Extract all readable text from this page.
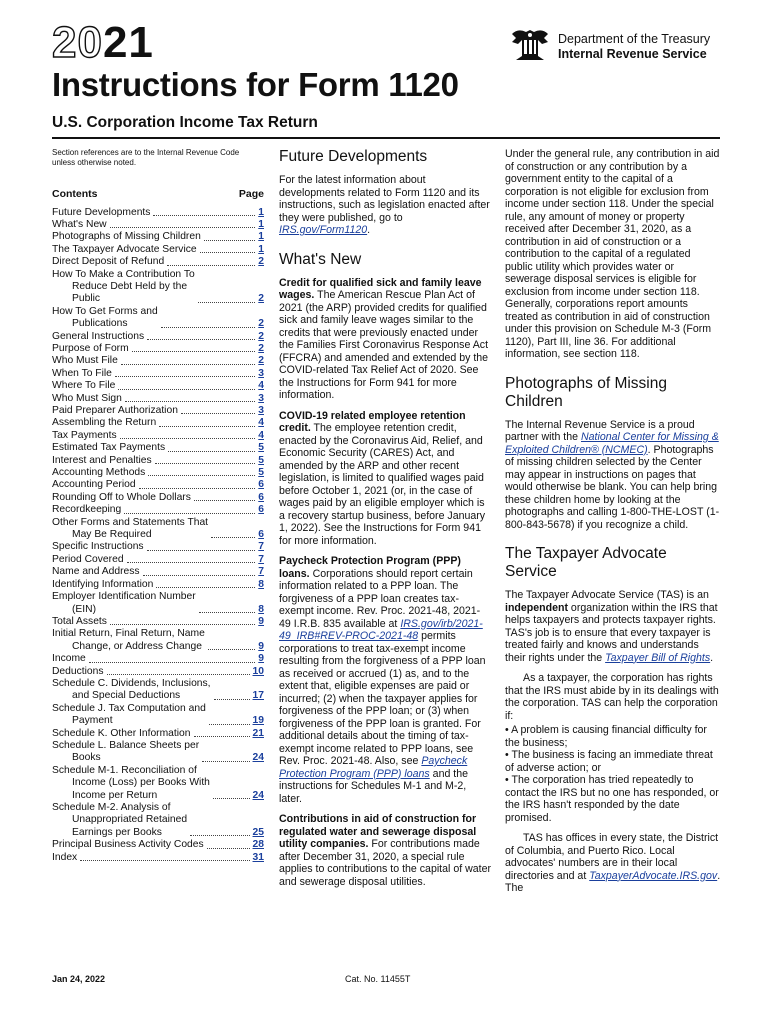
2021
Instructions for Form 1120
U.S. Corporation Income Tax Return
Department of the Treasury
Internal Revenue Service
Section references are to the Internal Revenue Code unless otherwise noted.
Contents	Page
Future Developments	1
What's New	1
Photographs of Missing Children	1
The Taxpayer Advocate Service	1
Direct Deposit of Refund	2
How To Make a Contribution To
Reduce Debt Held by the
Public	2
How To Get Forms and
Publications	2
General Instructions	2
Purpose of Form	2
Who Must File	2
When To File	3
Where To File	4
Who Must Sign	3
Paid Preparer Authorization	3
Assembling the Return	4
Tax Payments	4
Estimated Tax Payments	5
Interest and Penalties	5
Accounting Methods	5
Accounting Period	6
Rounding Off to Whole Dollars	6
Recordkeeping	6
Other Forms and Statements That
May Be Required	6
Specific Instructions	7
Period Covered	7
Name and Address	7
Identifying Information	8
Employer Identification Number
(EIN)	8
Total Assets	9
Initial Return, Final Return, Name
Change, or Address Change	9
Income	9
Deductions	10
Schedule C. Dividends, Inclusions,
and Special Deductions	17
Schedule J. Tax Computation and
Payment	19
Schedule K. Other Information	21
Schedule L. Balance Sheets per
Books	24
Schedule M-1. Reconciliation of
Income (Loss) per Books With
Income per Return	24
Schedule M-2. Analysis of
Unappropriated Retained
Earnings per Books	25
Principal Business Activity Codes	28
Index	31
Future Developments

For the latest information about developments related to Form 1120 and its instructions, such as legislation enacted after they were published, go to IRS.gov/Form1120.

What's New

Credit for qualified sick and family leave wages. The American Rescue Plan Act of 2021 (the ARP) provided credits for qualified sick and family leave wages similar to the credits that were previously enacted under the Families First Coronavirus Response Act (FFCRA) and amended and extended by the COVID-related Tax Relief Act of 2020. See the Instructions for Form 941 for more information.

COVID-19 related employee retention credit. The employee retention credit, enacted by the Coronavirus Aid, Relief, and Economic Security (CARES) Act, and amended by the ARP and other recent legislation, is limited to qualified wages paid before October 1, 2021 (or, in the case of wages paid by an eligible employer which is a recovery startup business, before January 1, 2022). See the Instructions for Form 941 for more information.

Paycheck Protection Program (PPP) loans. Corporations should report certain information related to a PPP loan. The forgiveness of a PPP loan creates tax-exempt income. Rev. Proc. 2021-48, 2021-49 I.R.B. 835 available at IRS.gov/irb/2021-49_IRB#REV-PROC-2021-48 permits corporations to treat tax-exempt income resulting from the forgiveness of a PPP loan as received or accrued (1) as, and to the extent that, eligible expenses are paid or incurred; (2) when the taxpayer applies for forgiveness of the PPP loan; or (3) when forgiveness of the PPP loan is granted. For additional details about the timing of tax-exempt income related to PPP loans, see Rev. Proc. 2021-48. Also, see Paycheck Protection Program (PPP) loans and the instructions for Schedules M-1 and M-2, later.

Contributions in aid of construction for regulated water and sewerage disposal utility companies. For contributions made after December 31, 2020, a special rule applies to contributions to the capital of water and sewerage disposal utilities.

Under the general rule, any contribution in aid of construction or any contribution by a government entity to the capital of a corporation is not eligible for exclusion from income under section 118. Under the special rule, any amount of money or property received after December 31, 2020, as a contribution in aid of construction or a contribution to the capital of a regulated public utility which provides water or sewerage disposal services is eligible for exclusion from income under section 118. Generally, corporations report amounts treated as contribution in aid of construction under this provision on Schedule M-3 (Form 1120), Part III, line 36. For additional information, see section 118.

Photographs of Missing Children

The Internal Revenue Service is a proud partner with the National Center for Missing & Exploited Children® (NCMEC). Photographs of missing children selected by the Center may appear in instructions on pages that would otherwise be blank. You can help bring these children home by looking at the photographs and calling 1-800-THE-LOST (1-800-843-5678) if you recognize a child.

The Taxpayer Advocate Service

The Taxpayer Advocate Service (TAS) is an independent organization within the IRS that helps taxpayers and protects taxpayer rights. TAS's job is to ensure that every taxpayer is treated fairly and knows and understands their rights under the Taxpayer Bill of Rights.

As a taxpayer, the corporation has rights that the IRS must abide by in its dealings with the corporation. TAS can help the corporation if:

• A problem is causing financial difficulty for the business;
• The business is facing an immediate threat of adverse action; or
• The corporation has tried repeatedly to contact the IRS but no one has responded, or the IRS hasn't responded by the date promised.

TAS has offices in every state, the District of Columbia, and Puerto Rico. Local advocates' numbers are in their local directories and at TaxpayerAdvocate.IRS.gov. The

Jan 24, 2022	Cat. No. 11455T
